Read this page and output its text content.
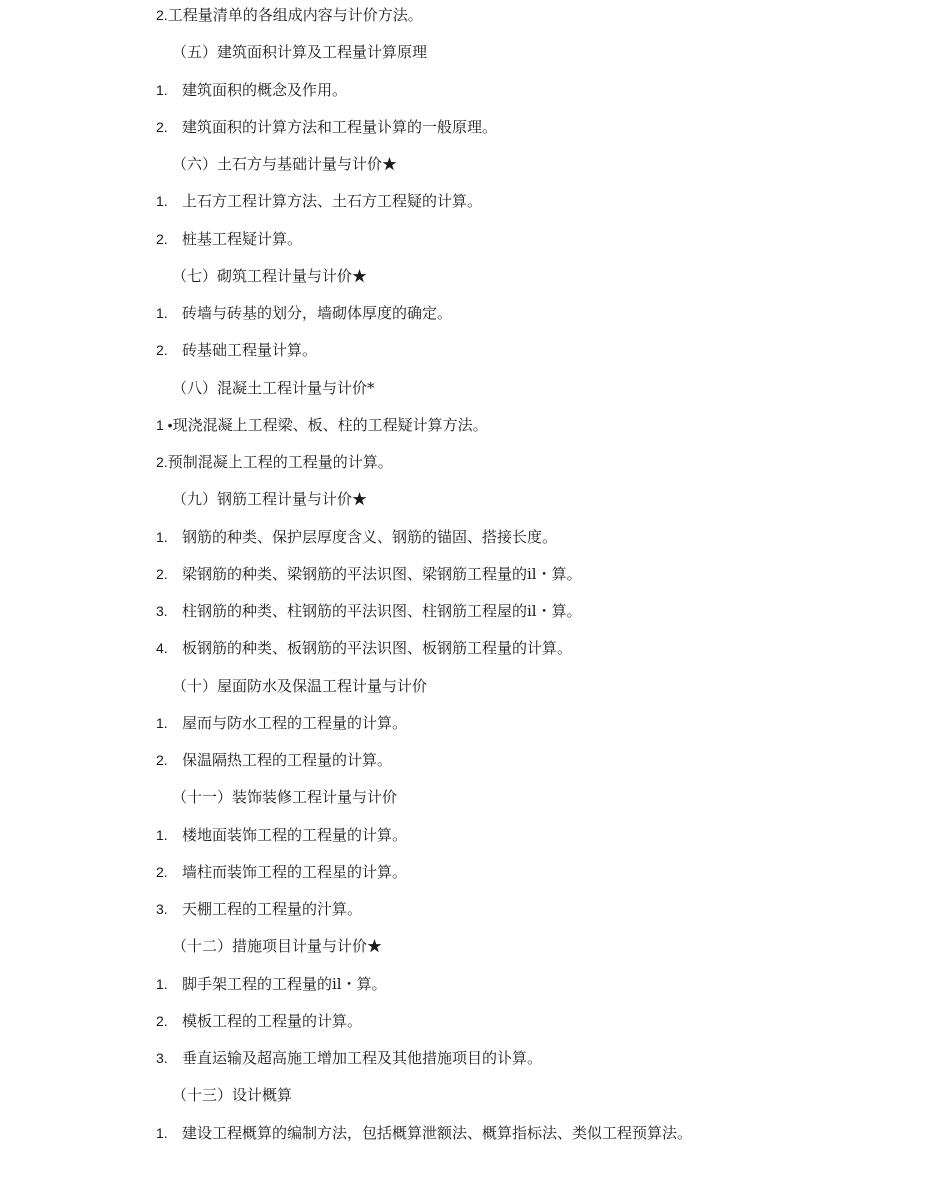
2.工程量清单的各组成内容与计价方法。
（五）建筑面积计算及工程量计算原理
1. 建筑面积的概念及作用。
2. 建筑面积的计算方法和工程量讣算的一般原理。
（六）土石方与基础计量与计价★
1. 上石方工程计算方法、土石方工程疑的计算。
2. 桩基工程疑计算。
（七）砌筑工程计量与计价★
1. 砖墙与砖基的划分，墙砌体厚度的确定。
2. 砖基础工程量计算。
（八）混凝土工程计量与计价*
1 •现浇混凝上工程梁、板、柱的工程疑计算方法。
2.预制混凝上工程的工程量的计算。
（九）钢筋工程计量与计价★
1. 钢筋的种类、保护层厚度含义、钢筋的锚固、搭接长度。
2. 梁钢筋的种类、梁钢筋的平法识图、梁钢筋工程量的il・算。
3. 柱钢筋的种类、柱钢筋的平法识图、柱钢筋工程屋的il・算。
4. 板钢筋的种类、板钢筋的平法识图、板钢筋工程量的计算。
（十）屋面防水及保温工程计量与计价
1. 屋而与防水工程的工程量的计算。
2. 保温隔热工程的工程量的计算。
（十一）装饰装修工程计量与计价
1. 楼地面装饰工程的工程量的计算。
2. 墙柱而装饰工程的工程星的计算。
3. 天棚工程的工程量的汁算。
（十二）措施项目计量与计价★
1. 脚手架工程的工程量的il・算。
2. 模板工程的工程量的计算。
3. 垂直运输及超高施工增加工程及其他措施项目的讣算。
（十三）设计概算
1. 建设工程概算的编制方法，包括概算泄额法、概算指标法、类似工程预算法。
